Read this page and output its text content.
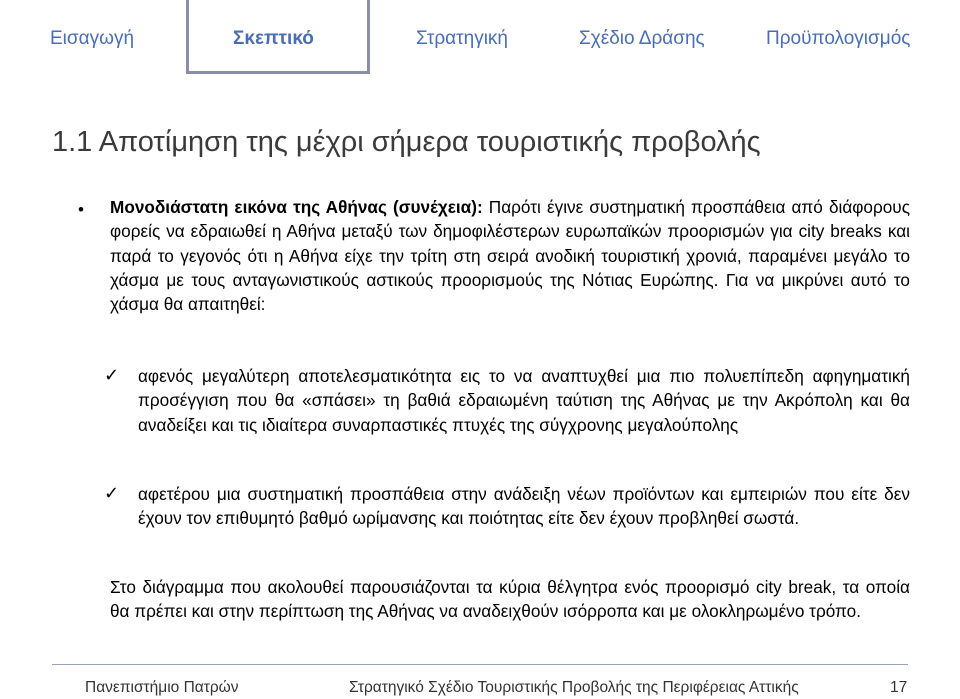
Εισαγωγή	Σκεπτικό	Στρατηγική	Σχέδιο Δράσης	Προϋπολογισμός
1.1 Αποτίμηση της μέχρι σήμερα τουριστικής προβολής
• Μονοδιάστατη εικόνα της Αθήνας (συνέχεια): Παρότι έγινε συστηματική προσπάθεια από διάφορους φορείς να εδραιωθεί η Αθήνα μεταξύ των δημοφιλέστερων ευρωπαϊκών προορισμών για city breaks και παρά το γεγονός ότι η Αθήνα είχε την τρίτη στη σειρά ανοδική τουριστική χρονιά, παραμένει μεγάλο το χάσμα με τους ανταγωνιστικούς αστικούς προορισμούς της Νότιας Ευρώπης. Για να μικρύνει αυτό το χάσμα θα απαιτηθεί:
✓ αφενός μεγαλύτερη αποτελεσματικότητα εις το να αναπτυχθεί μια πιο πολυεπίπεδη αφηγηματική προσέγγιση που θα «σπάσει» τη βαθιά εδραιωμένη ταύτιση της Αθήνας με την Ακρόπολη και θα αναδείξει και τις ιδιαίτερα συναρπαστικές πτυχές της σύγχρονης μεγαλούπολης
✓ αφετέρου μια συστηματική προσπάθεια στην ανάδειξη νέων προϊόντων και εμπειριών που είτε δεν έχουν τον επιθυμητό βαθμό ωρίμανσης και ποιότητας είτε δεν έχουν προβληθεί σωστά.
Στο διάγραμμα που ακολουθεί παρουσιάζονται τα κύρια θέλγητρα ενός προορισμό city break, τα οποία θα πρέπει και στην περίπτωση της Αθήνας να αναδειχθούν ισόρροπα και με ολοκληρωμένο τρόπο.
Πανεπιστήμιο Πατρών	Στρατηγικό Σχέδιο Τουριστικής Προβολής της Περιφέρειας Αττικής	17
